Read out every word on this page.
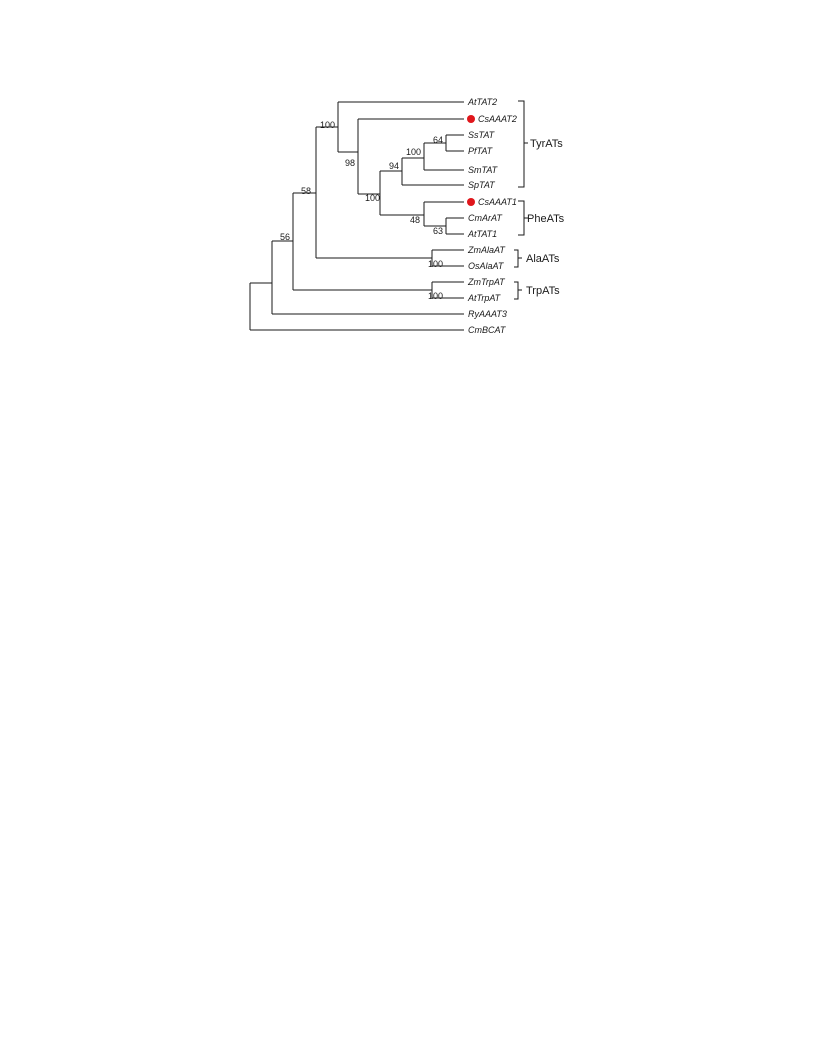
AtTAT2
CsAAAT2
SsTAT
PfTAT
SmTAT
SpTAT
CsAAAT1
CmArAT
AtTAT1
ZmAlaAT
OsAlaAT
ZmTrpAT
AtTrpAT
RyAAAT3
CmBCAT
100
98
64
100
94
100
48
63
58
56
100
100
TyrATs
PheATs
AlaATs
TrpATs
